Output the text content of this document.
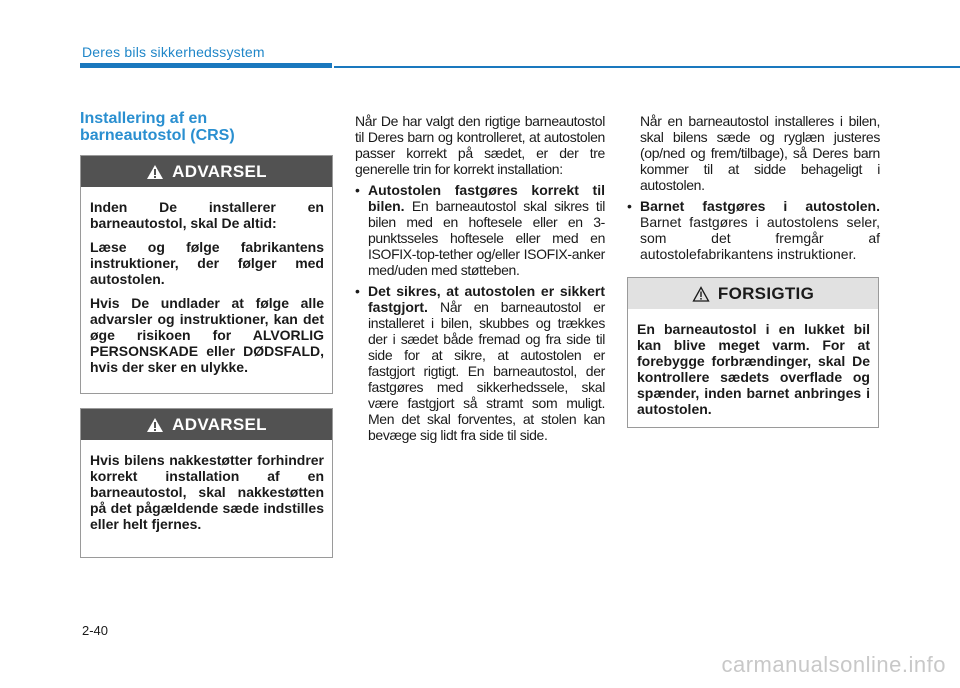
Deres bils sikkerhedssystem
Installering af en
barneautostol (CRS)
ADVARSEL

Inden De installerer en barneautostol, skal De altid:

Læse og følge fabrikantens instruktioner, der følger med autostolen.

Hvis De undlader at følge alle advarsler og instruktioner, kan det øge risikoen for ALVORLIG PERSONSKADE eller DØDSFALD, hvis der sker en ulykke.

ADVARSEL

Hvis bilens nakkestøtter forhindrer korrekt installation af en barneautostol, skal nakkestøtten på det pågældende sæde indstilles eller helt fjernes.

Når De har valgt den rigtige barneautostol til Deres barn og kontrolleret, at autostolen passer korrekt på sædet, er der tre generelle trin for korrekt installation:

• Autostolen fastgøres korrekt til bilen. En barneautostol skal sikres til bilen med en hoftesele eller en 3-punktsseles hoftesele eller med en ISOFIX-top-tether og/eller ISOFIX-anker med/uden med støtteben.
• Det sikres, at autostolen er sikkert fastgjort. Når en barneautostol er installeret i bilen, skubbes og trækkes der i sædet både fremad og fra side til side for at sikre, at autostolen er fastgjort rigtigt. En barneautostol, der fastgøres med sikkerhedssele, skal være fastgjort så stramt som muligt. Men det skal forventes, at stolen kan bevæge sig lidt fra side til side.

Når en barneautostol installeres i bilen, skal bilens sæde og ryglæn justeres (op/ned og frem/tilbage), så Deres barn kommer til at sidde behageligt i autostolen.

• Barnet fastgøres i autostolen. Barnet fastgøres i autostolens seler, som det fremgår af autostolefabrikantens instruktioner.
FORSIGTIG

En barneautostol i en lukket bil kan blive meget varm. For at forebygge forbrændinger, skal De kontrollere sædets overflade og spænder, inden barnet anbringes i autostolen.

2-40
carmanualsonline.info
